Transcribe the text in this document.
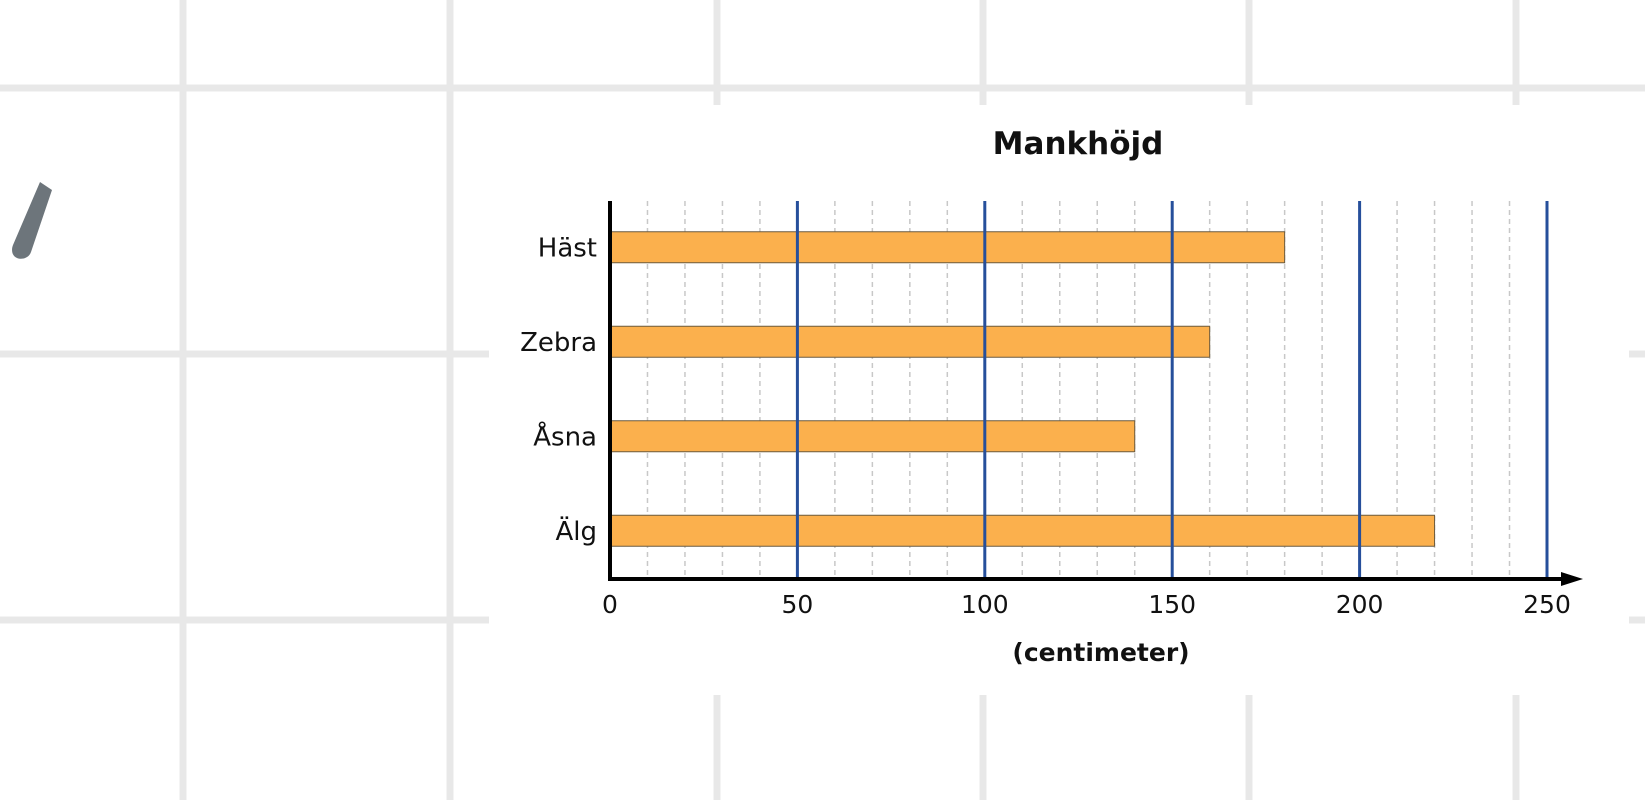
Mankhöjd
Häst
Zebra
Åsna
Älg
0	50	100	150	200	250
(centimeter)
